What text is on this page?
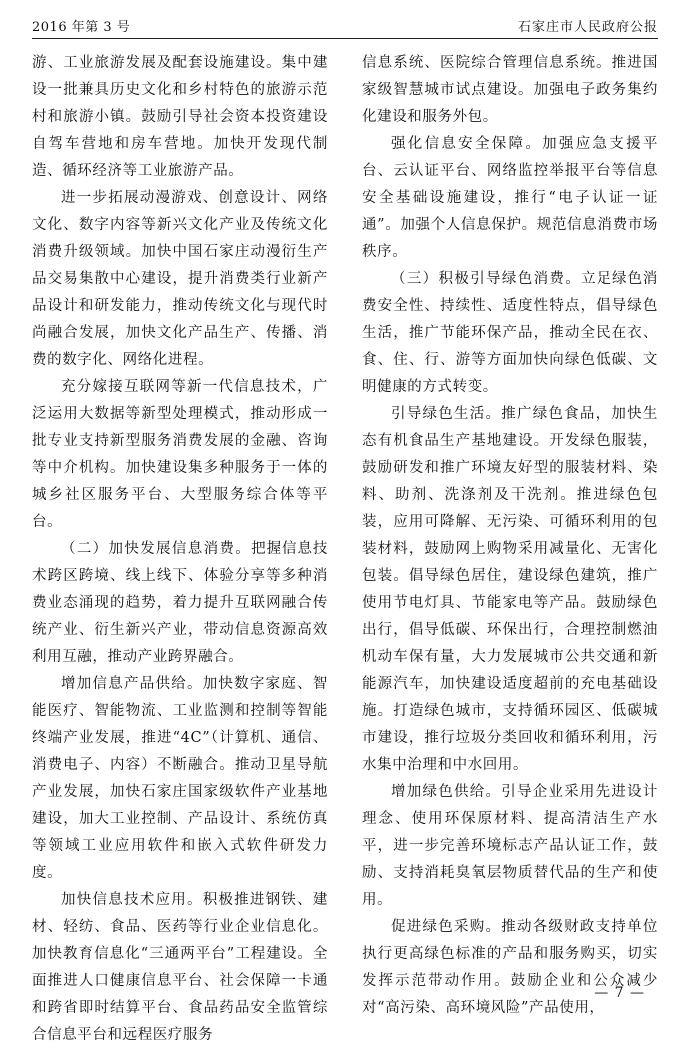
2016 年第 3 号	石家庄市人民政府公报

游、工业旅游发展及配套设施建设。集中建设一批兼具历史文化和乡村特色的旅游示范村和旅游小镇。鼓励引导社会资本投资建设自驾车营地和房车营地。加快开发现代制造、循环经济等工业旅游产品。

进一步拓展动漫游戏、创意设计、网络文化、数字内容等新兴文化产业及传统文化消费升级领域。加快中国石家庄动漫衍生产品交易集散中心建设，提升消费类行业新产品设计和研发能力，推动传统文化与现代时尚融合发展，加快文化产品生产、传播、消费的数字化、网络化进程。

充分嫁接互联网等新一代信息技术，广泛运用大数据等新型处理模式，推动形成一批专业支持新型服务消费发展的金融、咨询等中介机构。加快建设集多种服务于一体的城乡社区服务平台、大型服务综合体等平台。

（二）加快发展信息消费。把握信息技术跨区跨境、线上线下、体验分享等多种消费业态涌现的趋势，着力提升互联网融合传统产业、衍生新兴产业，带动信息资源高效利用互融，推动产业跨界融合。

增加信息产品供给。加快数字家庭、智能医疗、智能物流、工业监测和控制等智能终端产业发展，推进“4C”（计算机、通信、消费电子、内容）不断融合。推动卫星导航产业发展，加快石家庄国家级软件产业基地建设，加大工业控制、产品设计、系统仿真等领域工业应用软件和嵌入式软件研发力度。

加快信息技术应用。积极推进钢铁、建材、轻纺、食品、医药等行业企业信息化。加快教育信息化“三通两平台”工程建设。全面推进人口健康信息平台、社会保障一卡通和跨省即时结算平台、食品药品安全监管综合信息平台和远程医疗服务

信息系统、医院综合管理信息系统。推进国家级智慧城市试点建设。加强电子政务集约化建设和服务外包。

强化信息安全保障。加强应急支援平台、云认证平台、网络监控举报平台等信息安全基础设施建设，推行“电子认证一证通”。加强个人信息保护。规范信息消费市场秩序。

（三）积极引导绿色消费。立足绿色消费安全性、持续性、适度性特点，倡导绿色生活，推广节能环保产品，推动全民在衣、食、住、行、游等方面加快向绿色低碳、文明健康的方式转变。

引导绿色生活。推广绿色食品，加快生态有机食品生产基地建设。开发绿色服装，鼓励研发和推广环境友好型的服装材料、染料、助剂、洗涤剂及干洗剂。推进绿色包装，应用可降解、无污染、可循环利用的包装材料，鼓励网上购物采用减量化、无害化包装。倡导绿色居住，建设绿色建筑，推广使用节电灯具、节能家电等产品。鼓励绿色出行，倡导低碳、环保出行，合理控制燃油机动车保有量，大力发展城市公共交通和新能源汽车，加快建设适度超前的充电基础设施。打造绿色城市，支持循环园区、低碳城市建设，推行垃圾分类回收和循环利用，污水集中治理和中水回用。

增加绿色供给。引导企业采用先进设计理念、使用环保原材料、提高清洁生产水平，进一步完善环境标志产品认证工作，鼓励、支持消耗臭氧层物质替代品的生产和使用。

促进绿色采购。推动各级财政支持单位执行更高绿色标准的产品和服务购买，切实发挥示范带动作用。鼓励企业和公众减少对“高污染、高环境风险”产品使用，

— 7 —
